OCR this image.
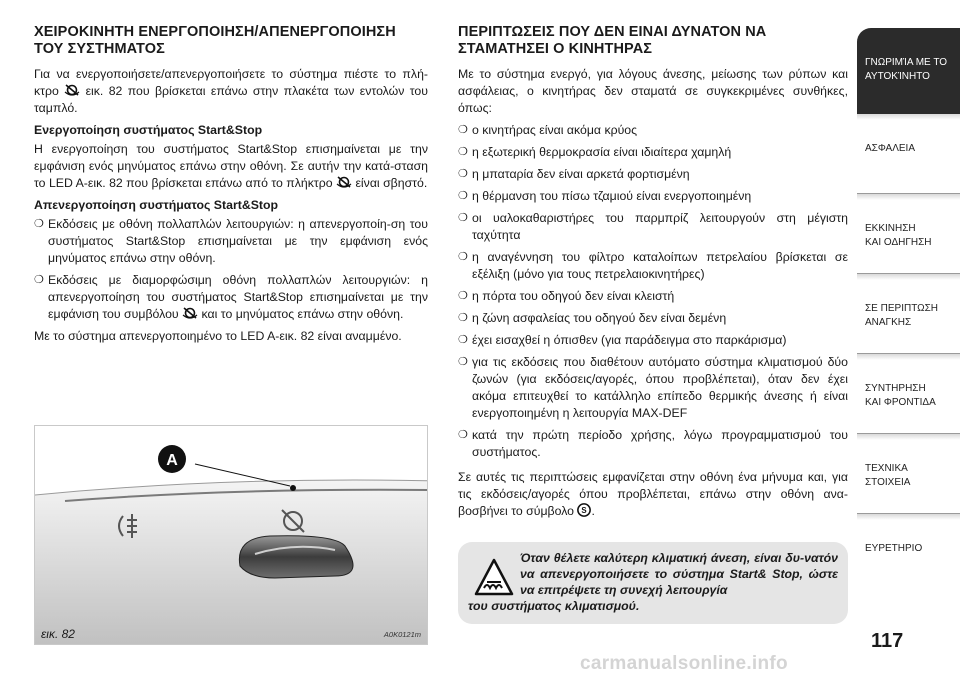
ΧΕΙΡΟΚΙΝΗΤΗ ΕΝΕΡΓΟΠΟΙΗΣΗ/ΑΠΕΝΕΡΓΟΠΟΙΗΣΗ ΤΟΥ ΣΥΣΤΗΜΑΤΟΣ

Για να ενεργοποιήσετε/απενεργοποιήσετε το σύστημα πιέστε το πλή-κτρο εικ. 82 που βρίσκεται επάνω στην πλακέτα των εντολών του ταμπλό.

Ενεργοποίηση συστήματος Start&Stop

Η ενεργοποίηση του συστήματος Start&Stop επισημαίνεται με την εμφάνιση ενός μηνύματος επάνω στην οθόνη. Σε αυτήν την κατά-σταση το LED A-εικ. 82 που βρίσκεται επάνω από το πλήκτρο είναι σβηστό.

Απενεργοποίηση συστήματος Start&Stop
❍ Εκδόσεις με οθόνη πολλαπλών λειτουργιών: η απενεργοποίη-ση του συστήματος Start&Stop επισημαίνεται με την εμφάνιση ενός μηνύματος επάνω στην οθόνη.
❍ Εκδόσεις με διαμορφώσιμη οθόνη πολλαπλών λειτουργιών: η απενεργοποίηση του συστήματος Start&Stop επισημαίνεται με την εμφάνιση του συμβόλου και το μηνύματος επάνω στην οθόνη.

Με το σύστημα απενεργοποιημένο το LED A-εικ. 82 είναι αναμμένο.

A
εικ. 82	A0K0121m
ΠΕΡΙΠΤΩΣΕΙΣ ΠΟΥ ΔΕΝ ΕΙΝΑΙ ΔΥΝΑΤΟΝ ΝΑ ΣΤΑΜΑΤΗΣΕΙ Ο ΚΙΝΗΤΗΡΑΣ

Με το σύστημα ενεργό, για λόγους άνεσης, μείωσης των ρύπων και ασφάλειας, ο κινητήρας δεν σταματά σε συγκεκριμένες συνθήκες, όπως:

❍ ο κινητήρας είναι ακόμα κρύος
❍ η εξωτερική θερμοκρασία είναι ιδιαίτερα χαμηλή
❍ η μπαταρία δεν είναι αρκετά φορτισμένη
❍ η θέρμανση του πίσω τζαμιού είναι ενεργοποιημένη
❍ οι υαλοκαθαριστήρες του παρμπρίζ λειτουργούν στη μέγιστη ταχύτητα
❍ η αναγέννηση του φίλτρο καταλοίπων πετρελαίου βρίσκεται σε εξέλιξη (μόνο για τους πετρελαιοκινητήρες)
❍ η πόρτα του οδηγού δεν είναι κλειστή
❍ η ζώνη ασφαλείας του οδηγού δεν είναι δεμένη
❍ έχει εισαχθεί η όπισθεν (για παράδειγμα στο παρκάρισμα)
❍ για τις εκδόσεις που διαθέτουν αυτόματο σύστημα κλιματισμού δύο ζωνών (για εκδόσεις/αγορές, όπου προβλέπεται), όταν δεν έχει ακόμα επιτευχθεί το κατάλληλο επίπεδο θερμικής άνεσης ή είναι ενεργοποιημένη η λειτουργία MAX-DEF
❍ κατά την πρώτη περίοδο χρήσης, λόγω προγραμματισμού του συστήματος.

Σε αυτές τις περιπτώσεις εμφανίζεται στην οθόνη ένα μήνυμα και, για τις εκδόσεις/αγορές όπου προβλέπεται, επάνω στην οθόνη ανα-βοσβήνει το σύμβολο S .

Όταν θέλετε καλύτερη κλιματική άνεση, είναι δυ-νατόν να απενεργοποιήσετε το σύστημα Start& Stop, ώστε να επιτρέψετε τη συνεχή λειτουργία

του συστήματος κλιματισμού.

ΓΝΩΡΙΜΊΑ ΜΕ ΤΟ
ΑΥΤΟΚΊΝΗΤΟ
ΑΣΦΑΛΕΙΑ
ΕΚΚΙΝΗΣΗ
ΚΑΙ ΟΔΗΓΗΣΗ
ΣΕ ΠΕΡΙΠΤΩΣΗ
ΑΝΑΓΚΗΣ
ΣΥΝΤΗΡΗΣΗ
ΚΑΙ ΦΡΟΝΤΙΔΑ
ΤΕΧΝΙΚΑ
ΣΤΟΙΧΕΙΑ
ΕΥΡΕΤΗΡΙΟ
117
carmanualsonline.info
